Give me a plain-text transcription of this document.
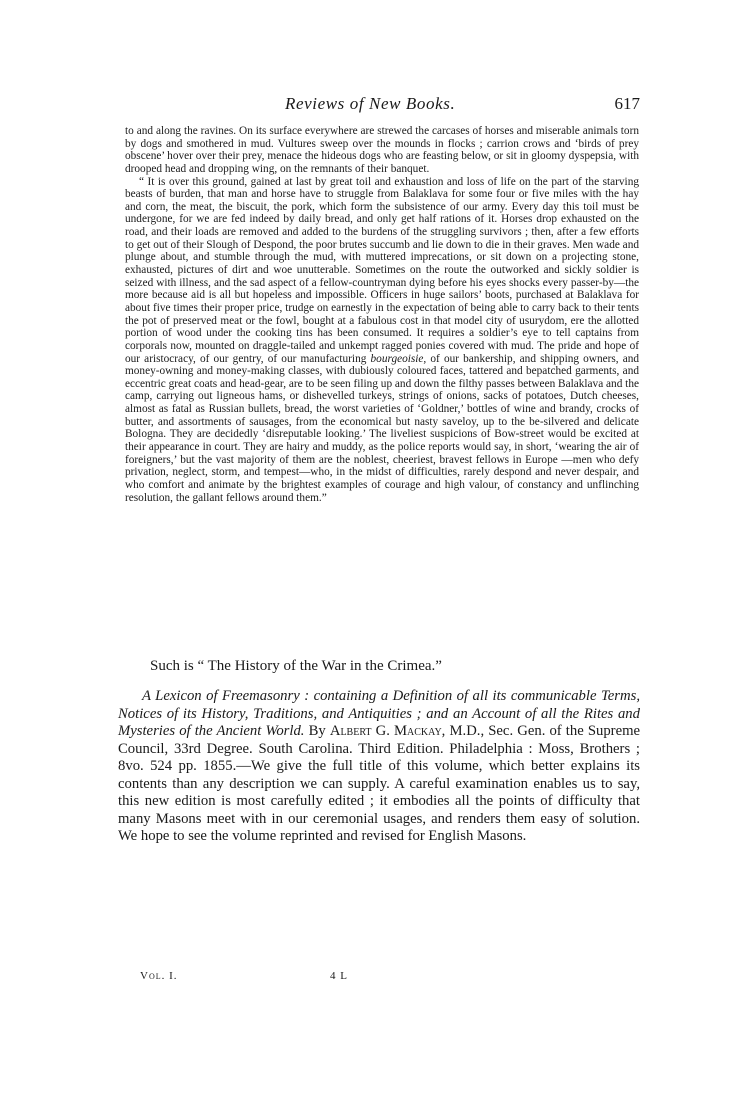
Reviews of New Books.	617

to and along the ravines. On its surface everywhere are strewed the carcases of horses and miserable animals torn by dogs and smothered in mud. Vultures sweep over the mounds in flocks ; carrion crows and ‘birds of prey obscene’ hover over their prey, menace the hideous dogs who are feasting below, or sit in gloomy dyspepsia, with drooped head and dropping wing, on the remnants of their banquet.

“ It is over this ground, gained at last by great toil and exhaustion and loss of life on the part of the starving beasts of burden, that man and horse have to struggle from Balaklava for some four or five miles with the hay and corn, the meat, the biscuit, the pork, which form the subsistence of our army. Every day this toil must be undergone, for we are fed indeed by daily bread, and only get half rations of it. Horses drop exhausted on the road, and their loads are removed and added to the burdens of the struggling survivors ; then, after a few efforts to get out of their Slough of Despond, the poor brutes succumb and lie down to die in their graves. Men wade and plunge about, and stumble through the mud, with muttered imprecations, or sit down on a projecting stone, exhausted, pictures of dirt and woe unutterable. Sometimes on the route the outworked and sickly soldier is seized with illness, and the sad aspect of a fellow-countryman dying before his eyes shocks every passer-by—the more because aid is all but hopeless and impossible. Officers in huge sailors’ boots, purchased at Balaklava for about five times their proper price, trudge on earnestly in the expectation of being able to carry back to their tents the pot of preserved meat or the fowl, bought at a fabulous cost in that model city of usurydom, ere the allotted portion of wood under the cooking tins has been consumed. It requires a soldier’s eye to tell captains from corporals now, mounted on draggle-tailed and unkempt ragged ponies covered with mud. The pride and hope of our aristocracy, of our gentry, of our manufacturing bourgeoisie, of our bankership, and shipping owners, and money-owning and money-making classes, with dubiously coloured faces, tattered and bepatched garments, and eccentric great coats and head-gear, are to be seen filing up and down the filthy passes between Balaklava and the camp, carrying out ligneous hams, or dishevelled turkeys, strings of onions, sacks of potatoes, Dutch cheeses, almost as fatal as Russian bullets, bread, the worst varieties of ‘Goldner,’ bottles of wine and brandy, crocks of butter, and assortments of sausages, from the economical but nasty saveloy, up to the be-silvered and delicate Bologna. They are decidedly ‘disreputable looking.’ The liveliest suspicions of Bow-street would be excited at their appearance in court. They are hairy and muddy, as the police reports would say, in short, ‘wearing the air of foreigners,’ but the vast majority of them are the noblest, cheeriest, bravest fellows in Europe —men who defy privation, neglect, storm, and tempest—who, in the midst of difficulties, rarely despond and never despair, and who comfort and animate by the brightest examples of courage and high valour, of constancy and unflinching resolution, the gallant fellows around them.”

Such is “ The History of the War in the Crimea.”

A Lexicon of Freemasonry : containing a Definition of all its communicable Terms, Notices of its History, Traditions, and Antiquities ; and an Account of all the Rites and Mysteries of the Ancient World. By Albert G. Mackay, M.D., Sec. Gen. of the Supreme Council, 33rd Degree. South Carolina. Third Edition. Philadelphia : Moss, Brothers ; 8vo. 524 pp. 1855.—We give the full title of this volume, which better explains its contents than any description we can supply. A careful examination enables us to say, this new edition is most carefully edited ; it embodies all the points of difficulty that many Masons meet with in our ceremonial usages, and renders them easy of solution. We hope to see the volume reprinted and revised for English Masons.

Vol. I.	4 L
